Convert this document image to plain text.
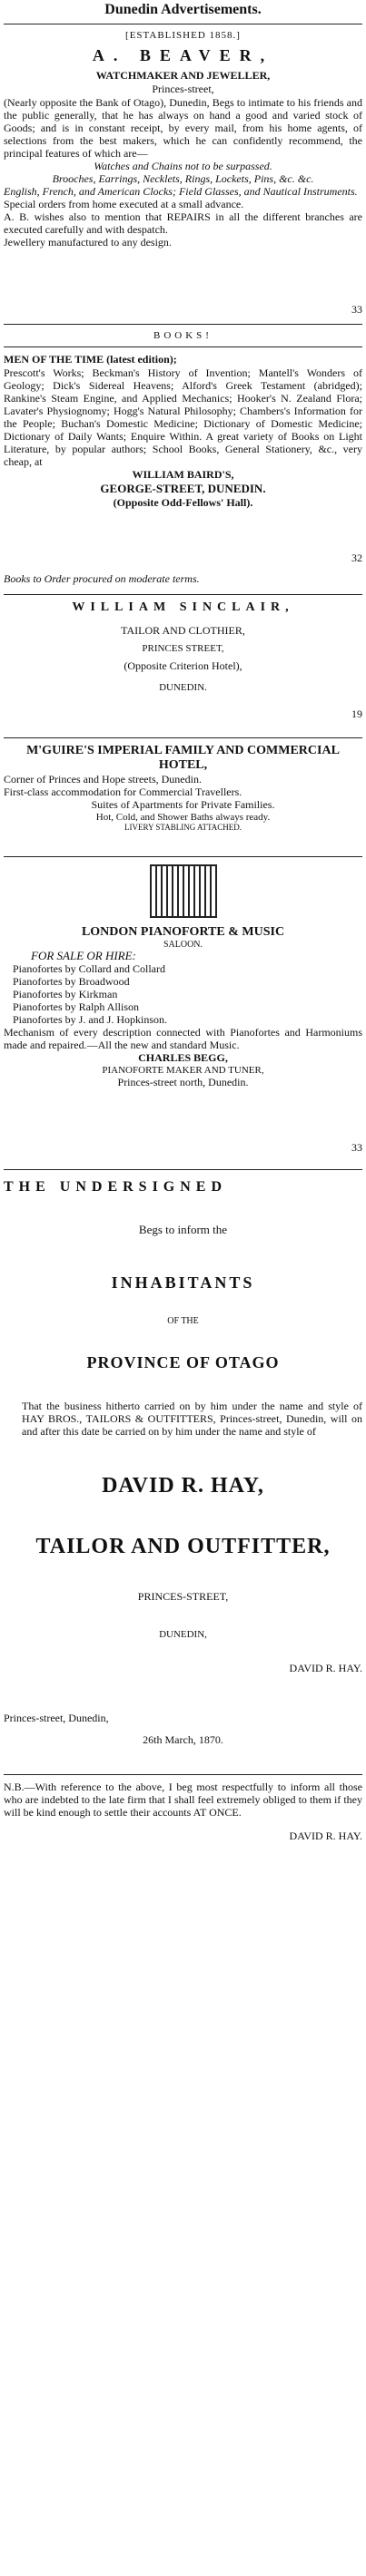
Dunedin Advertisements.
[ESTABLISHED 1858.]
A. BEAVER,
WATCHMAKER AND JEWELLER,
Princes-street,
(Nearly opposite the Bank of Otago), Dunedin, Begs to intimate to his friends and the public generally, that he has always on hand a good and varied stock of Goods; and is in constant receipt, by every mail, from his home agents, of selections from the best makers, which he can confidently recommend, the principal features of which are—
Watches and Chains not to be surpassed.
Brooches, Earrings, Necklets, Rings, Lockets, Pins, &c. &c.
English, French, and American Clocks; Field Glasses, and Nautical Instruments.
Special orders from home executed at a small advance.
A. B. wishes also to mention that REPAIRS in all the different branches are executed carefully and with despatch.
Jewellery manufactured to any design.
33
BOOKS!
MEN OF THE TIME (latest edition);
Prescott's Works; Beckman's History of Invention; Mantell's Wonders of Geology; Dick's Sidereal Heavens; Alford's Greek Testament (abridged); Rankine's Steam Engine, and Applied Mechanics; Hooker's N. Zealand Flora; Lavater's Physiognomy; Hogg's Natural Philosophy; Chambers's Information for the People; Buchan's Domestic Medicine; Dictionary of Domestic Medicine; Dictionary of Daily Wants; Enquire Within. A great variety of Books on Light Literature, by popular authors; School Books, General Stationery, &c., very cheap, at
WILLIAM BAIRD'S,
GEORGE-STREET, DUNEDIN.
(Opposite Odd-Fellows' Hall).
32
Books to Order procured on moderate terms.
WILLIAM SINCLAIR,
TAILOR AND CLOTHIER,
PRINCES STREET,
(Opposite Criterion Hotel),
DUNEDIN.
19
M'GUIRE'S IMPERIAL FAMILY AND COMMERCIAL HOTEL,
Corner of Princes and Hope streets, Dunedin.
First-class accommodation for Commercial Travellers.
Suites of Apartments for Private Families.
Hot, Cold, and Shower Baths always ready.
LIVERY STABLING ATTACHED.
LONDON PIANOFORTE & MUSIC
SALOON.
FOR SALE OR HIRE:
Pianofortes by Collard and Collard
Pianofortes by Broadwood
Pianofortes by Kirkman
Pianofortes by Ralph Allison
Pianofortes by J. and J. Hopkinson.
Mechanism of every description connected with Pianofortes and Harmoniums made and repaired.—All the new and standard Music.
CHARLES BEGG,
PIANOFORTE MAKER AND TUNER,
Princes-street north, Dunedin.
33
THE UNDERSIGNED
Begs to inform the
INHABITANTS
OF THE
PROVINCE OF OTAGO
That the business hitherto carried on by him under the name and style of HAY BROS., TAILORS & OUTFITTERS, Princes-street, Dunedin, will on and after this date be carried on by him under the name and style of
DAVID R. HAY,
TAILOR AND OUTFITTER,
PRINCES-STREET,
DUNEDIN,
DAVID R. HAY.
Princes-street, Dunedin,
26th March, 1870.
N.B.—With reference to the above, I beg most respectfully to inform all those who are indebted to the late firm that I shall feel extremely obliged to them if they will be kind enough to settle their accounts AT ONCE.
DAVID R. HAY.
